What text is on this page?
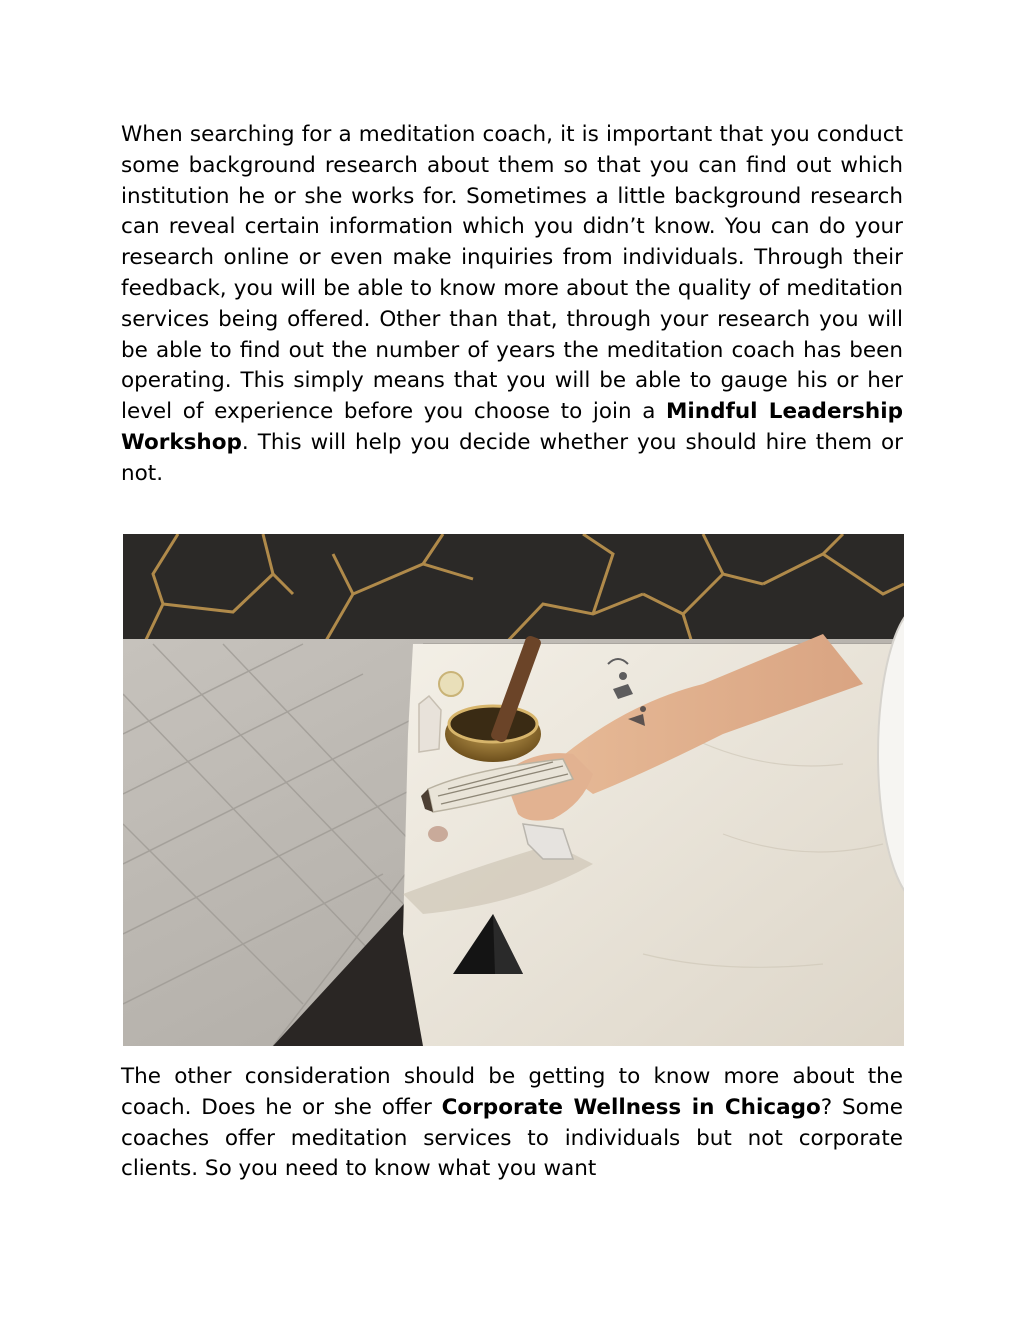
When searching for a meditation coach, it is important that you conduct some background research about them so that you can find out which institution he or she works for. Sometimes a little background research can reveal certain information which you didn’t know. You can do your research online or even make inquiries from individuals. Through their feedback, you will be able to know more about the quality of meditation services being offered. Other than that, through your research you will be able to find out the number of years the meditation coach has been operating. This simply means that you will be able to gauge his or her level of experience before you choose to join a Mindful Leadership Workshop. This will help you decide whether you should hire them or not.

The other consideration should be getting to know more about the coach. Does he or she offer Corporate Wellness in Chicago? Some coaches offer meditation services to individuals but not corporate clients. So you need to know what you want
